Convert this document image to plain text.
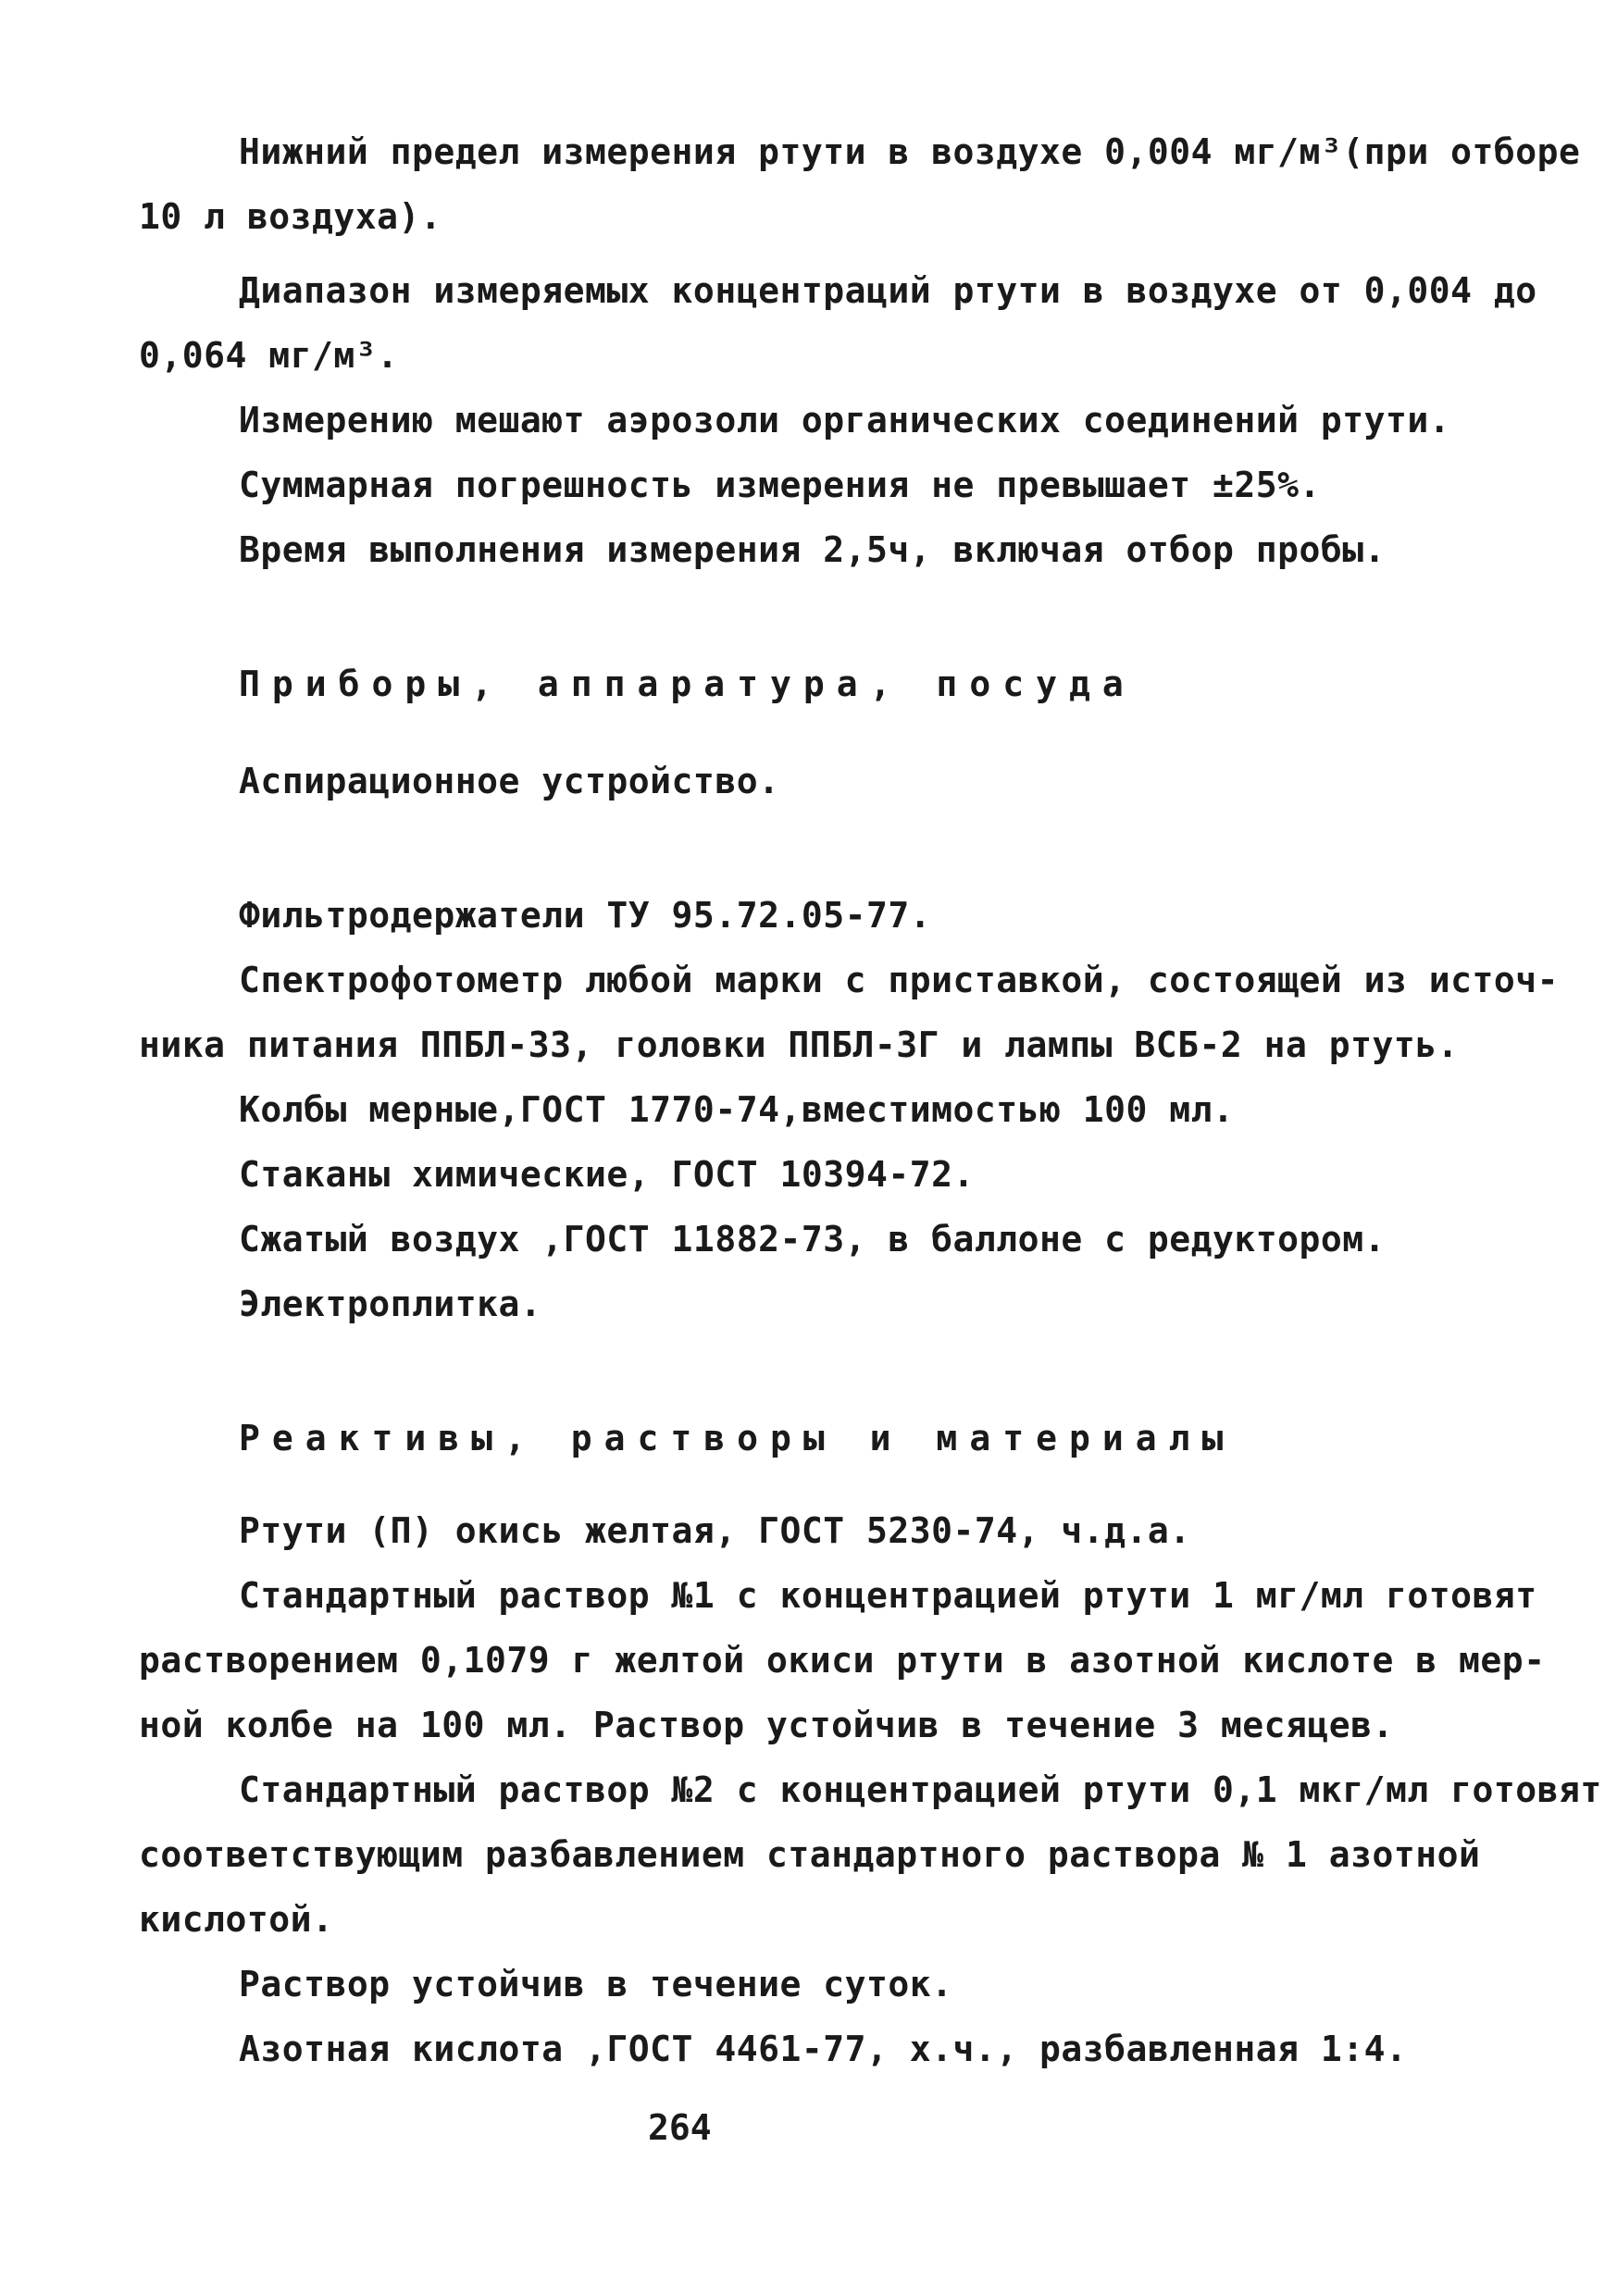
Нижний предел измерения ртути в воздухе 0,004 мг/м³(при отборе
10 л воздуха).
Диапазон измеряемых концентраций ртути в воздухе от 0,004 до
0,064 мг/м³.
Измерению мешают аэрозоли органических соединений ртути.
Суммарная погрешность измерения не превышает ±25%.
Время выполнения измерения 2,5ч, включая отбор пробы.
Приборы, аппаратура, посуда
Аспирационное устройство.
Фильтродержатели ТУ 95.72.05-77.
Спектрофотометр любой марки с приставкой, состоящей из источ-
ника питания ППБЛ-33, головки ППБЛ-3Г и лампы ВСБ-2 на ртуть.
Колбы мерные,ГОСТ 1770-74,вместимостью 100 мл.
Стаканы химические, ГОСТ 10394-72.
Сжатый воздух ,ГОСТ 11882-73, в баллоне с редуктором.
Электроплитка.
Реактивы, растворы и материалы
Ртути (П) окись желтая, ГОСТ 5230-74, ч.д.а.
Стандартный раствор №1 с концентрацией ртути 1 мг/мл готовят
растворением 0,1079 г желтой окиси ртути в азотной кислоте в мер-
ной колбе на 100 мл. Раствор устойчив в течение 3 месяцев.
Стандартный раствор №2 с концентрацией ртути 0,1 мкг/мл готовят
соответствующим разбавлением стандартного раствора № 1 азотной
кислотой.
Раствор устойчив в течение суток.
Азотная кислота ,ГОСТ 4461-77, х.ч., разбавленная 1:4.
264
